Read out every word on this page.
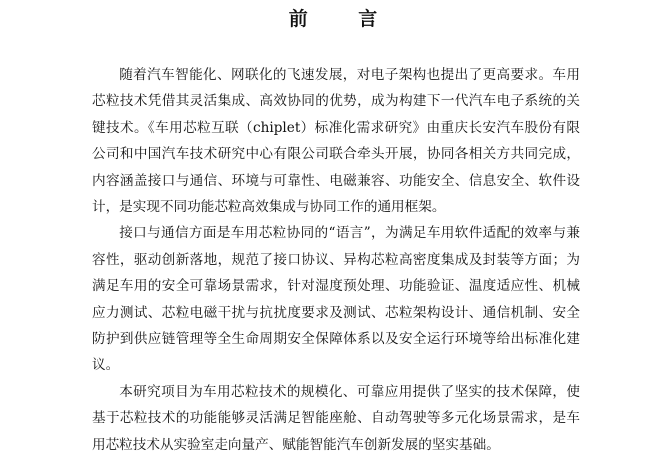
前 言

随着汽车智能化、网联化的飞速发展，对电子架构也提出了更高要求。车用芯粒技术凭借其灵活集成、高效协同的优势，成为构建下一代汽车电子系统的关键技术。《车用芯粒互联（chiplet）标准化需求研究》由重庆长安汽车股份有限公司和中国汽车技术研究中心有限公司联合牵头开展，协同各相关方共同完成，内容涵盖接口与通信、环境与可靠性、电磁兼容、功能安全、信息安全、软件设计，是实现不同功能芯粒高效集成与协同工作的通用框架。

接口与通信方面是车用芯粒协同的“语言”，为满足车用软件适配的效率与兼容性，驱动创新落地，规范了接口协议、异构芯粒高密度集成及封装等方面；为满足车用的安全可靠场景需求，针对湿度预处理、功能验证、温度适应性、机械应力测试、芯粒电磁干扰与抗扰度要求及测试、芯粒架构设计、通信机制、安全防护到供应链管理等全生命周期安全保障体系以及安全运行环境等给出标准化建议。

本研究项目为车用芯粒技术的规模化、可靠应用提供了坚实的技术保障，使基于芯粒技术的功能能够灵活满足智能座舱、自动驾驶等多元化场景需求，是车用芯粒技术从实验室走向量产、赋能智能汽车创新发展的坚实基础。
